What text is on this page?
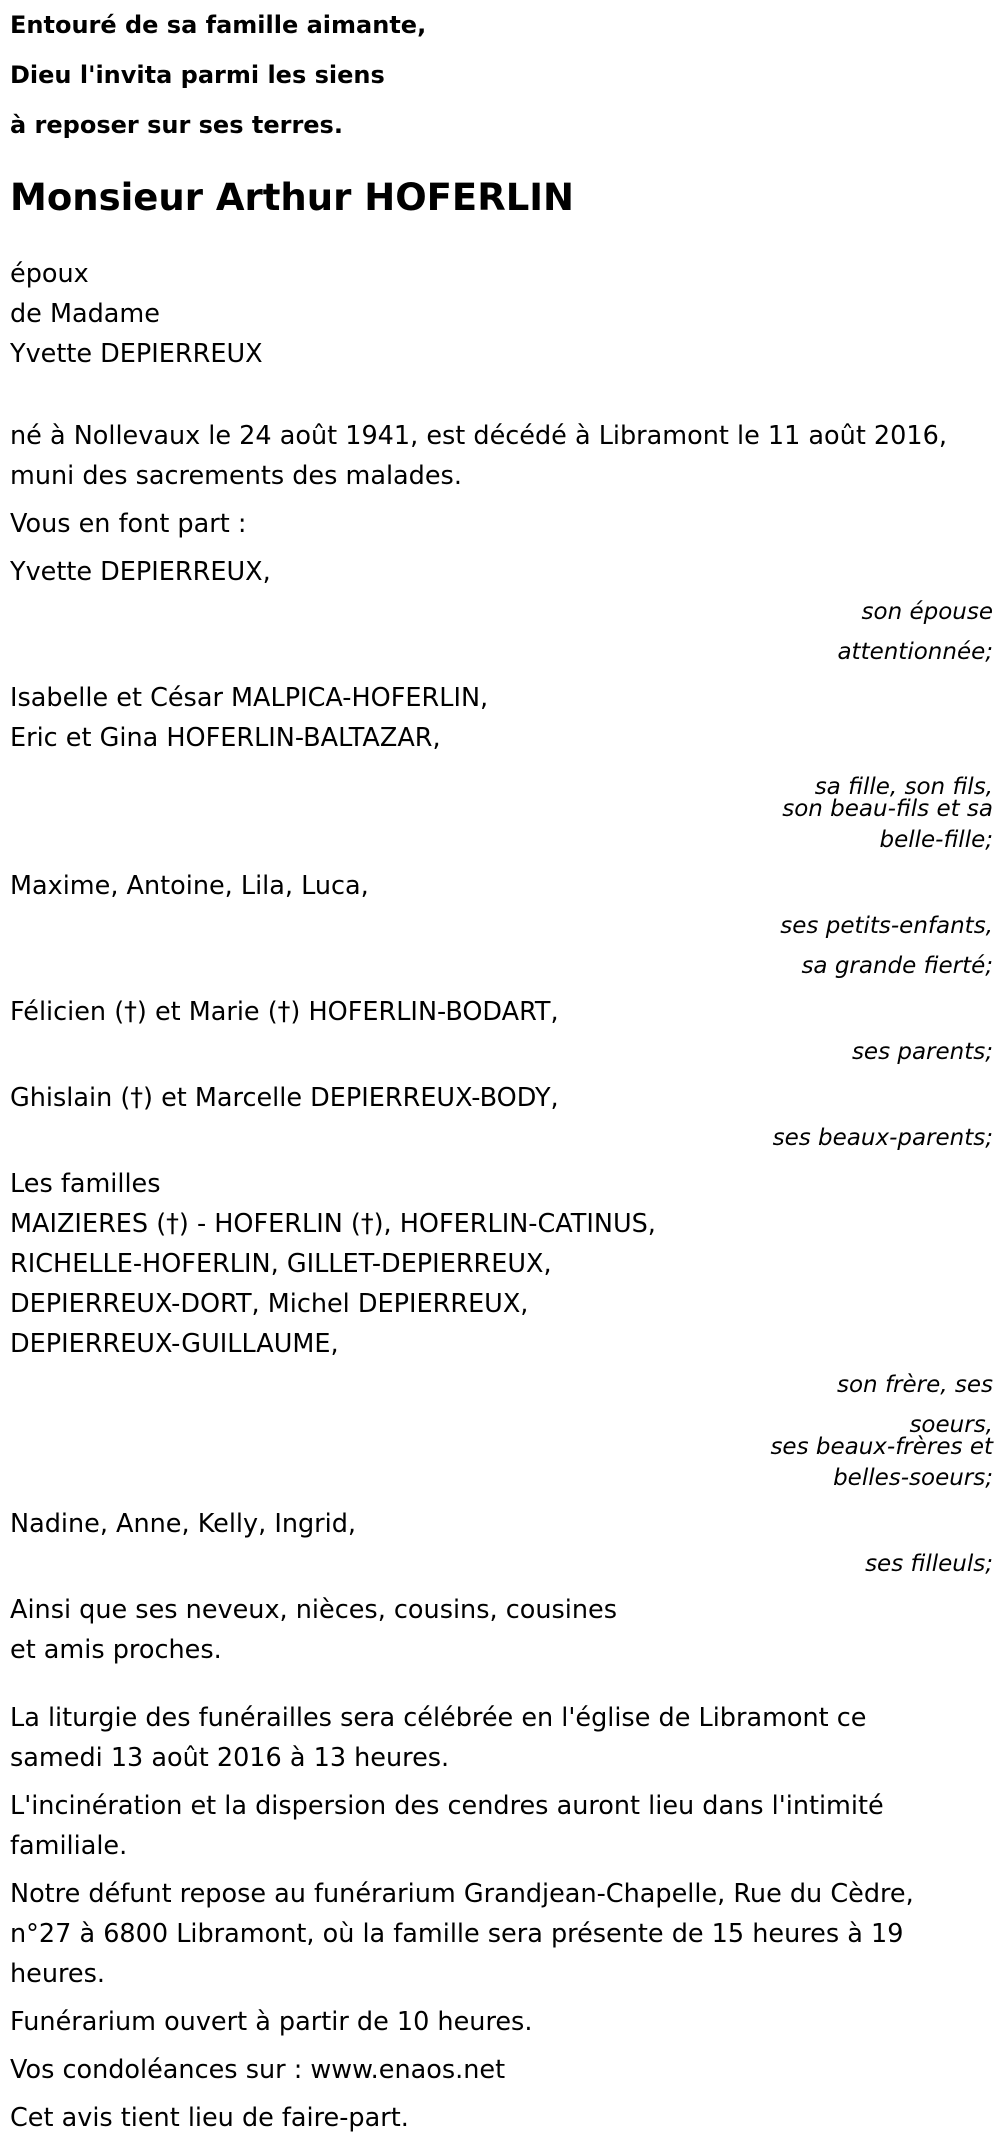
Entouré de sa famille aimante,
Dieu l'invita parmi les siens
à reposer sur ses terres.
Monsieur Arthur HOFERLIN
époux
de Madame
Yvette DEPIERREUX
né à Nollevaux le 24 août 1941, est décédé à Libramont le 11 août 2016,
muni des sacrements des malades.
Vous en font part :
Yvette DEPIERREUX,
son épouse
attentionnée;
Isabelle et César MALPICA-HOFERLIN,
Eric et Gina HOFERLIN-BALTAZAR,
sa fille, son fils,
son beau-fils et sa
belle-fille;
Maxime, Antoine, Lila, Luca,
ses petits-enfants,
sa grande fierté;
Félicien (†) et Marie (†) HOFERLIN-BODART,
ses parents;
Ghislain (†) et Marcelle DEPIERREUX-BODY,
ses beaux-parents;
Les familles
MAIZIERES (†) - HOFERLIN (†), HOFERLIN-CATINUS,
RICHELLE-HOFERLIN, GILLET-DEPIERREUX,
DEPIERREUX-DORT, Michel DEPIERREUX,
DEPIERREUX-GUILLAUME,
son frère, ses
soeurs,
ses beaux-frères et
belles-soeurs;
Nadine, Anne, Kelly, Ingrid,
ses filleuls;
Ainsi que ses neveux, nièces, cousins, cousines
et amis proches.
La liturgie des funérailles sera célébrée en l'église de Libramont ce
samedi 13 août 2016 à 13 heures.
L'incinération et la dispersion des cendres auront lieu dans l'intimité
familiale.
Notre défunt repose au funérarium Grandjean-Chapelle, Rue du Cèdre,
n°27 à 6800 Libramont, où la famille sera présente de 15 heures à 19
heures.
Funérarium ouvert à partir de 10 heures.
Vos condoléances sur : www.enaos.net
Cet avis tient lieu de faire-part.
